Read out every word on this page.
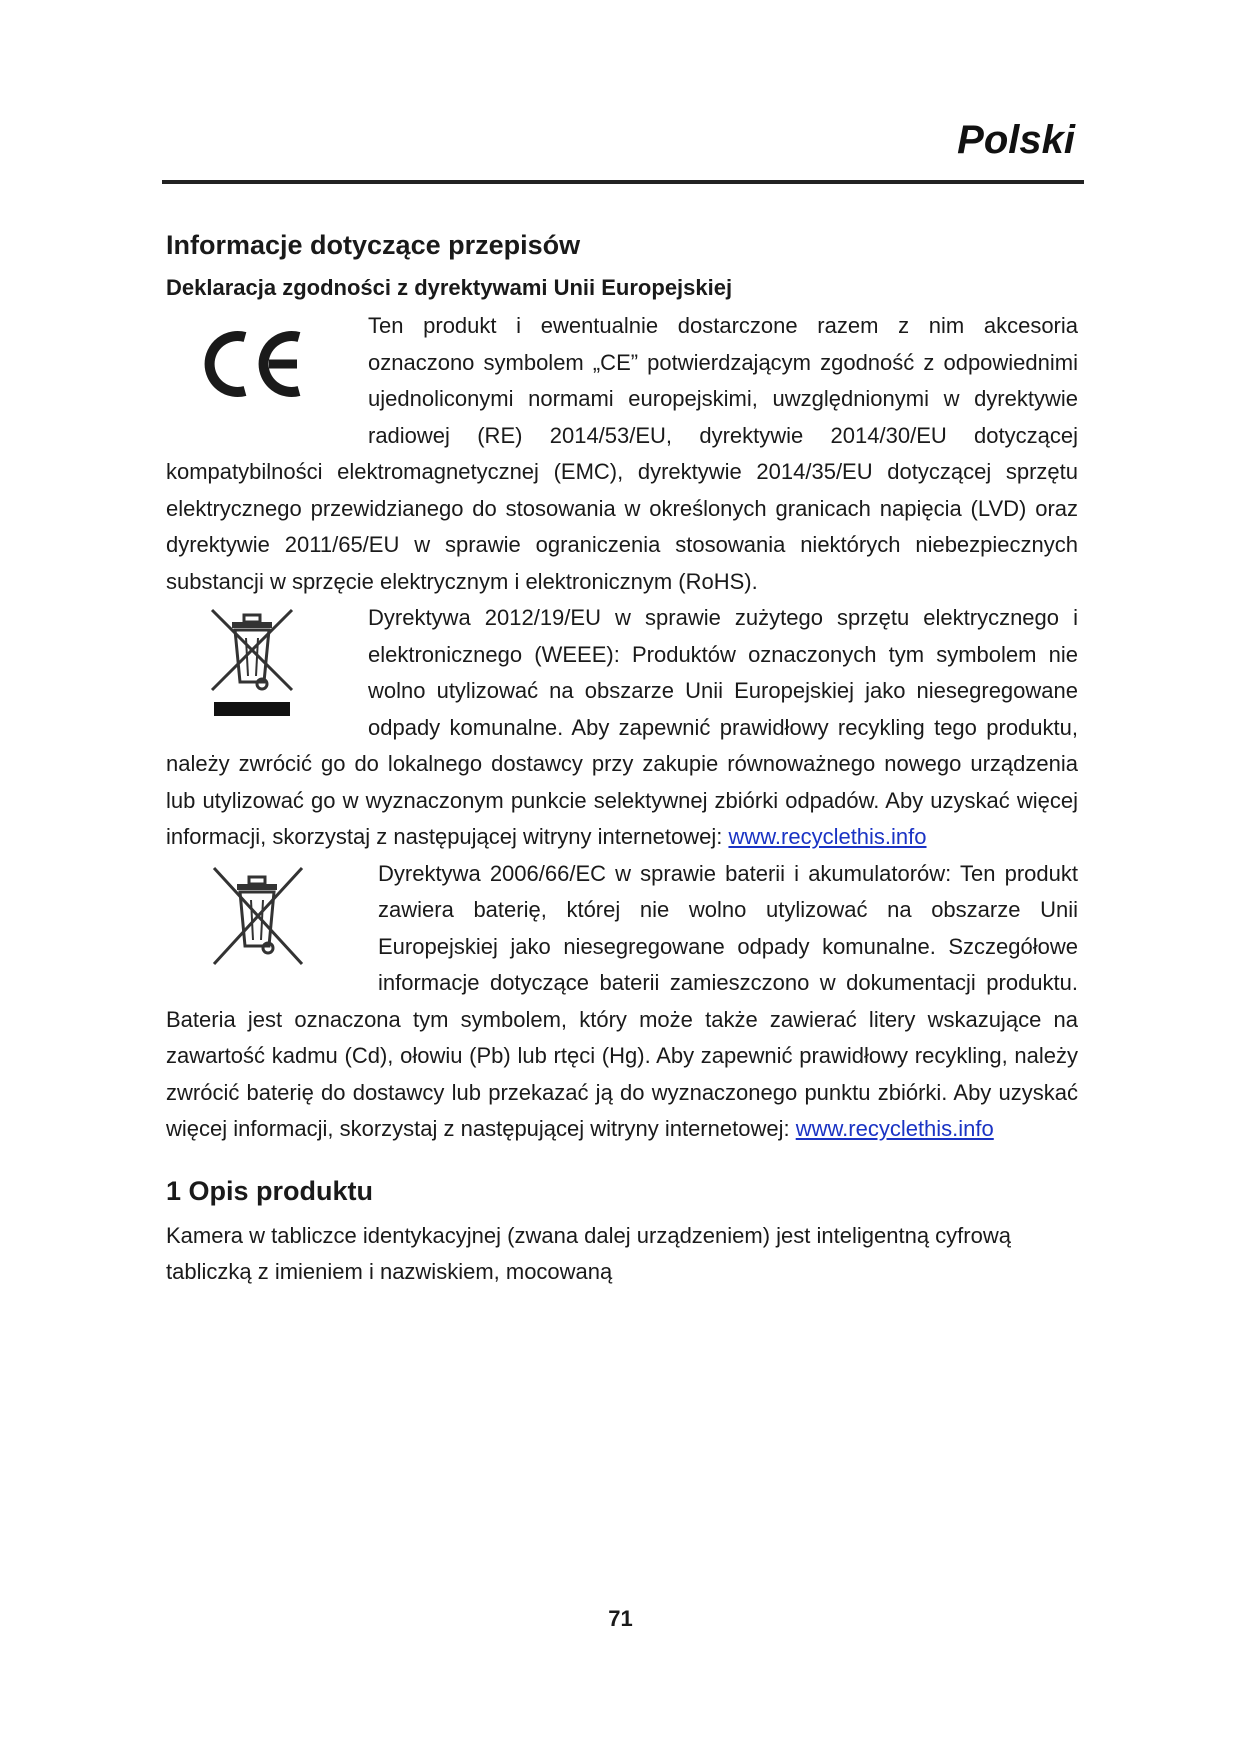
Polski
Informacje dotyczące przepisów
Deklaracja zgodności z dyrektywami Unii Europejskiej
Ten produkt i ewentualnie dostarczone razem z nim akcesoria oznaczono symbolem „CE” potwierdzającym zgodność z odpowiednimi ujednoliconymi normami europejskimi, uwzględnionymi w dyrektywie radiowej (RE) 2014/53/EU, dyrektywie 2014/30/EU dotyczącej kompatybilności elektromagnetycznej (EMC), dyrektywie 2014/35/EU dotyczącej sprzętu elektrycznego przewidzianego do stosowania w określonych granicach napięcia (LVD) oraz dyrektywie 2011/65/EU w sprawie ograniczenia stosowania niektórych niebezpiecznych substancji w sprzęcie elektrycznym i elektronicznym (RoHS).
Dyrektywa 2012/19/EU w sprawie zużytego sprzętu elektrycznego i elektronicznego (WEEE): Produktów oznaczonych tym symbolem nie wolno utylizować na obszarze Unii Europejskiej jako niesegregowane odpady komunalne. Aby zapewnić prawidłowy recykling tego produktu, należy zwrócić go do lokalnego dostawcy przy zakupie równoważnego nowego urządzenia lub utylizować go w wyznaczonym punkcie selektywnej zbiórki odpadów. Aby uzyskać więcej informacji, skorzystaj z następującej witryny internetowej: www.recyclethis.info
Dyrektywa 2006/66/EC w sprawie baterii i akumulatorów: Ten produkt zawiera baterię, której nie wolno utylizować na obszarze Unii Europejskiej jako niesegregowane odpady komunalne. Szczegółowe informacje dotyczące baterii zamieszczono w dokumentacji produktu. Bateria jest oznaczona tym symbolem, który może także zawierać litery wskazujące na zawartość kadmu (Cd), ołowiu (Pb) lub rtęci (Hg). Aby zapewnić prawidłowy recykling, należy zwrócić baterię do dostawcy lub przekazać ją do wyznaczonego punktu zbiórki. Aby uzyskać więcej informacji, skorzystaj z następującej witryny internetowej: www.recyclethis.info
1 Opis produktu
Kamera w tabliczce identykacyjnej (zwana dalej urządzeniem) jest inteligentną cyfrową tabliczką z imieniem i nazwiskiem, mocowaną
71
